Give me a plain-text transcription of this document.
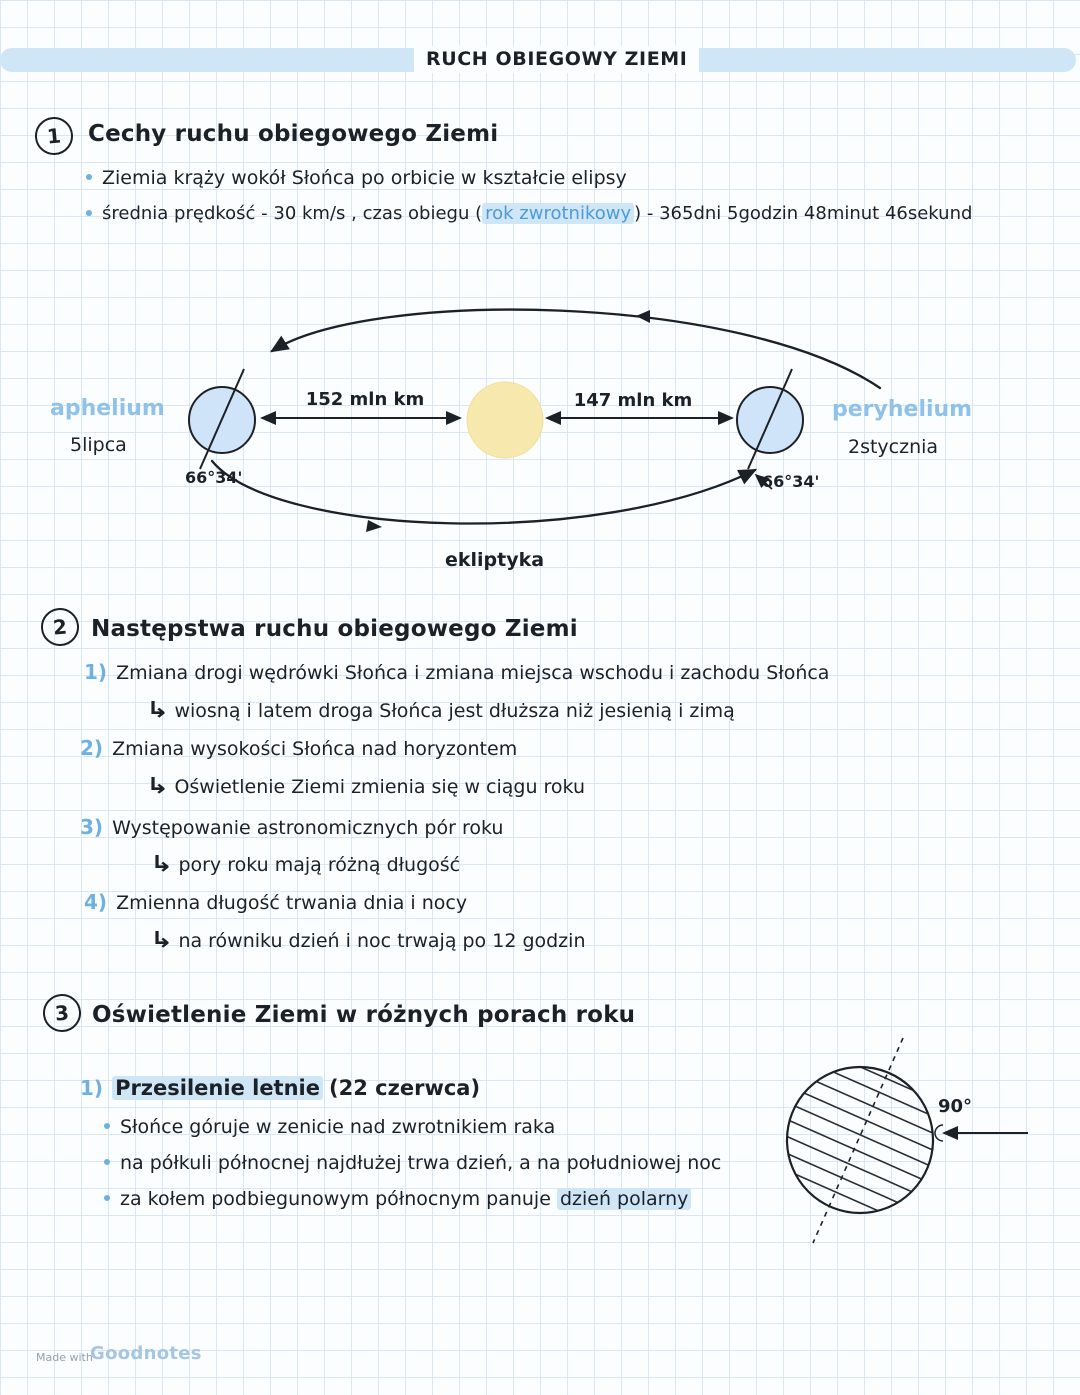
RUCH OBIEGOWY ZIEMI
1	Cechy ruchu obiegowego Ziemi
Ziemia krąży wokół Słońca po orbicie w kształcie elipsy
średnia prędkość - 30 km/s , czas obiegu ( rok zwrotnikowy ) - 365dni 5godzin 48minut 46sekund
aphelium
5lipca
peryhelium
2stycznia
152 mln km	147 mln km
66°34'	66°34'
ekliptyka
2	Następstwa ruchu obiegowego Ziemi
1) Zmiana drogi wędrówki Słońca i zmiana miejsca wschodu i zachodu Słońca
↳ wiosną i latem droga Słońca jest dłuższa niż jesienią i zimą
2) Zmiana wysokości Słońca nad horyzontem
↳ Oświetlenie Ziemi zmienia się w ciągu roku
3) Występowanie astronomicznych pór roku
↳ pory roku mają różną długość
4) Zmienna długość trwania dnia i nocy
↳ na równiku dzień i noc trwają po 12 godzin
3 Oświetlenie Ziemi w różnych porach roku
1) Przesilenie letnie (22 czerwca)
Słońce góruje w zenicie nad zwrotnikiem raka
na półkuli północnej najdłużej trwa dzień, a na południowej noc
za kołem podbiegunowym północnym panuje dzień polarny
90°
Made with
Goodnotes
